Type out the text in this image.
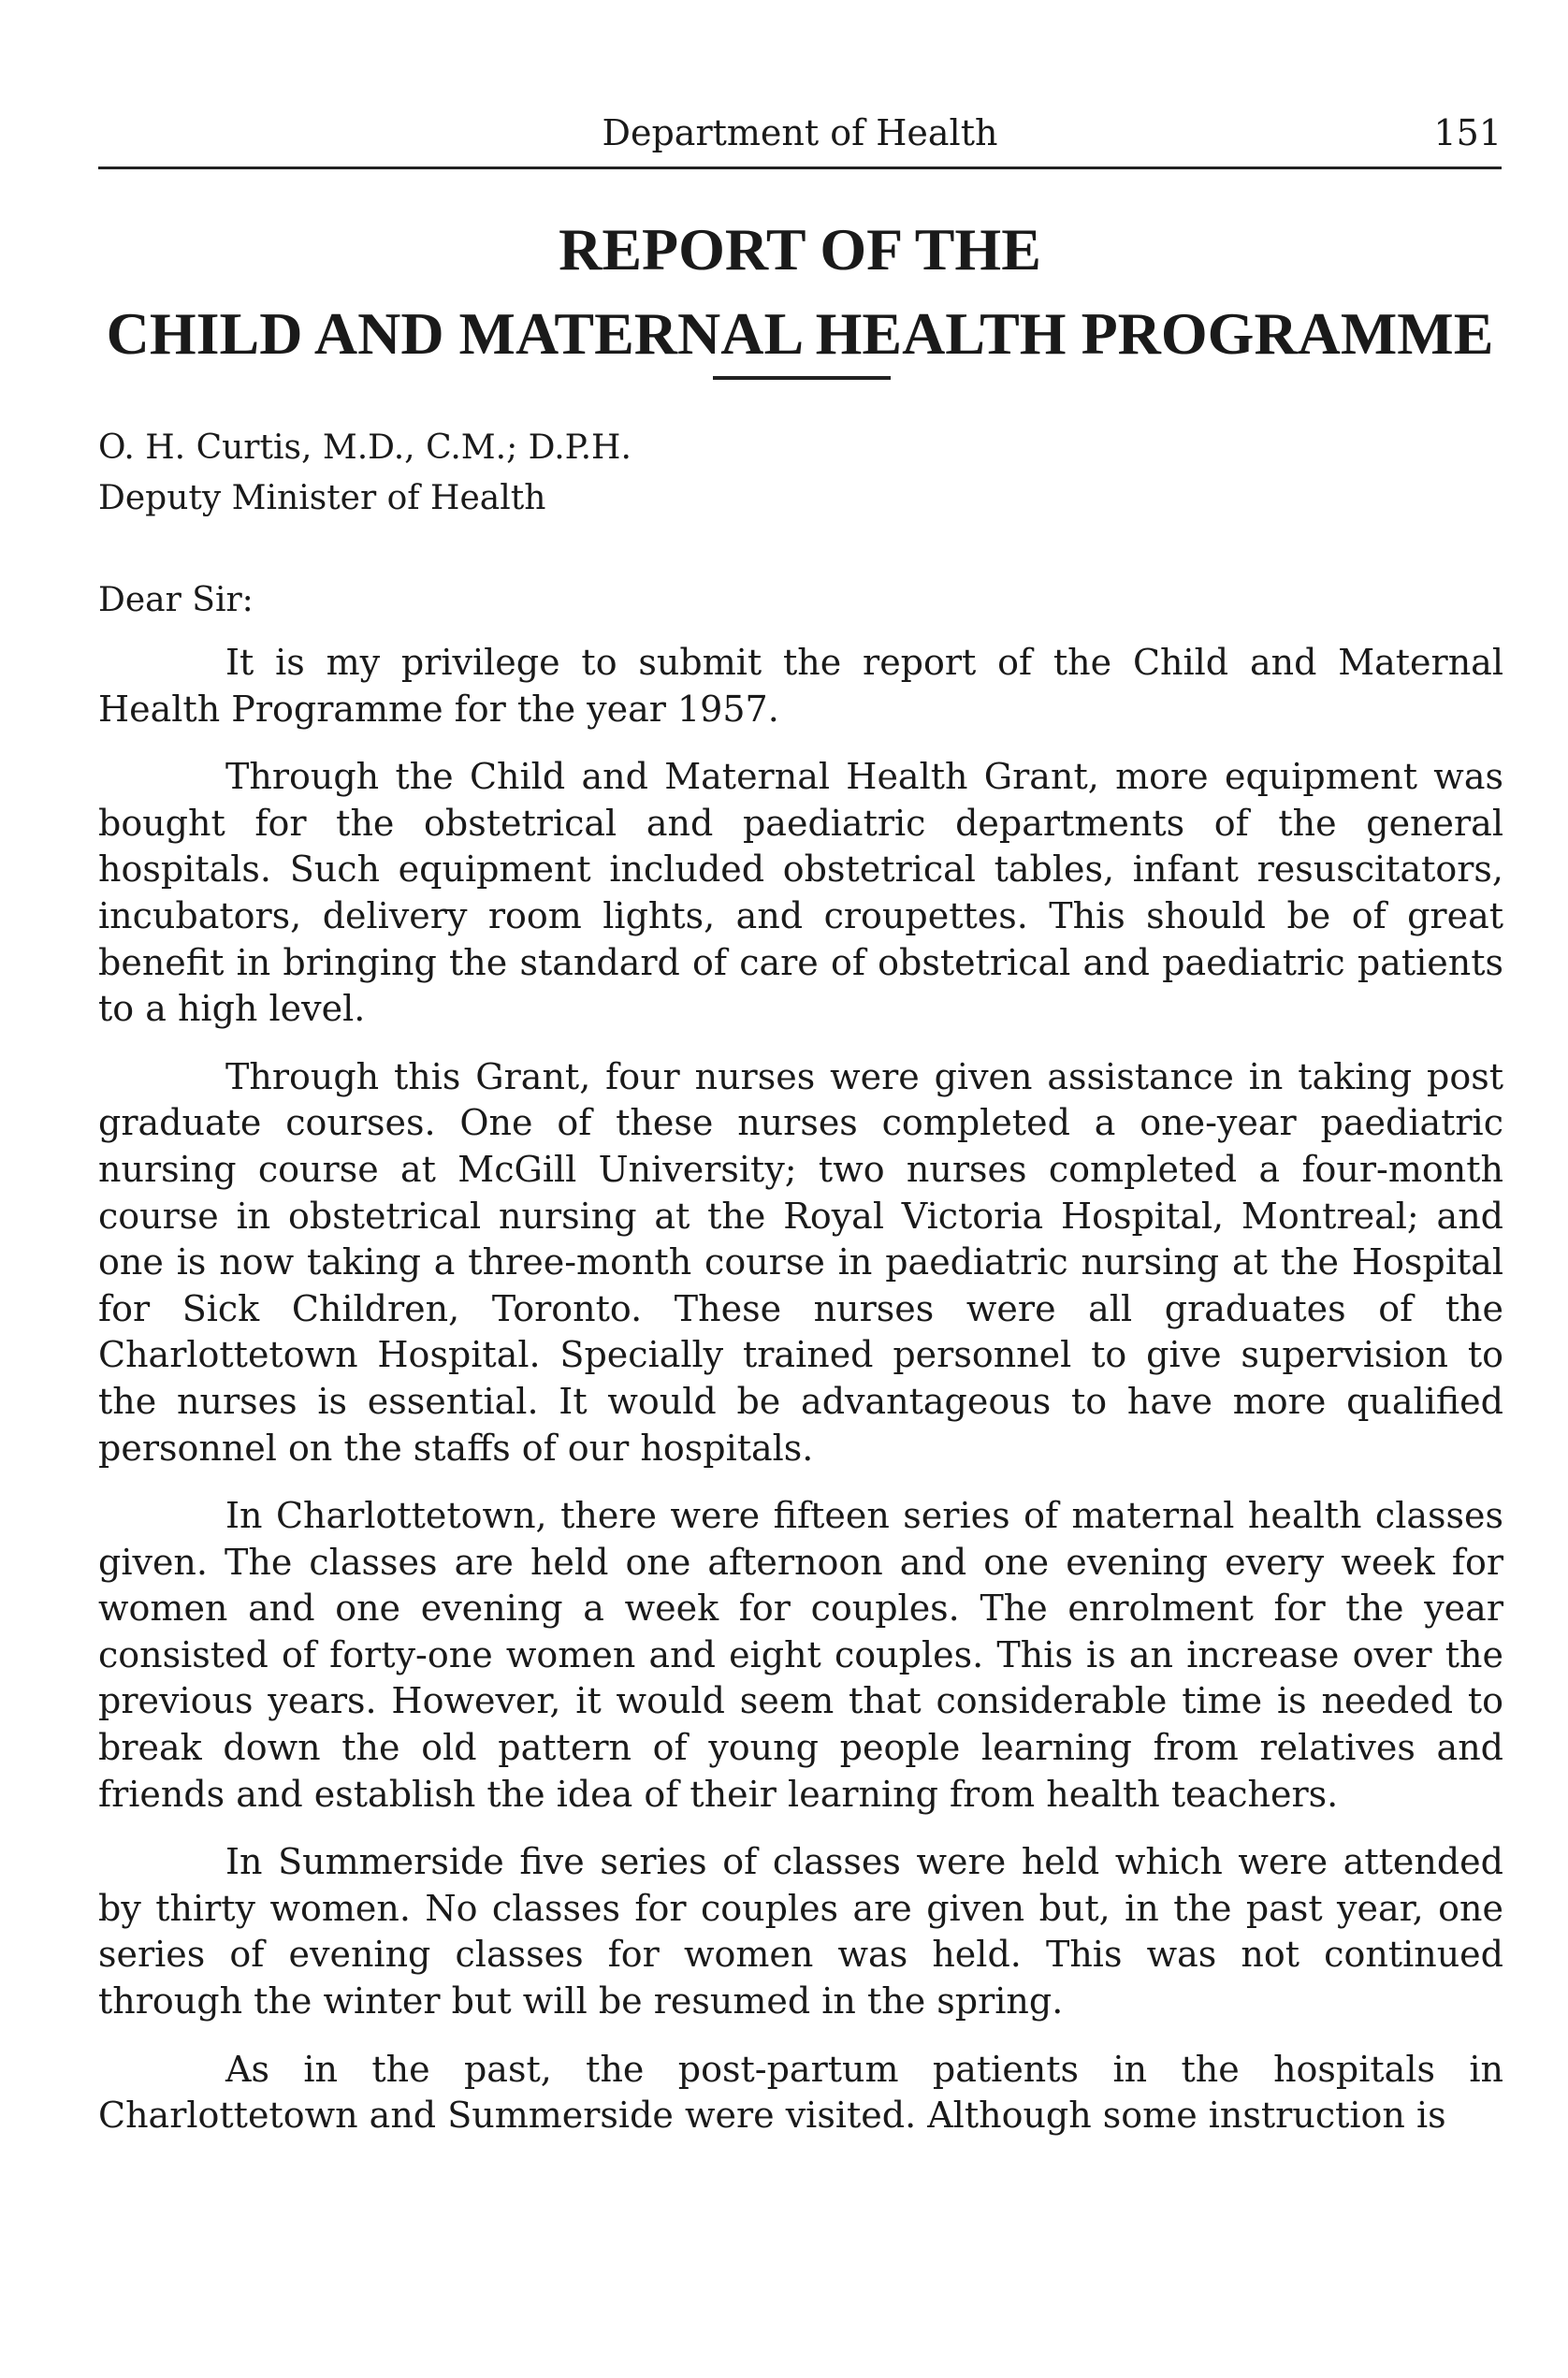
Department of Health	151
REPORT OF THE
CHILD AND MATERNAL HEALTH PROGRAMME
O. H. Curtis, M.D., C.M.; D.P.H.
Deputy Minister of Health
Dear Sir:

It is my privilege to submit the report of the Child and Maternal Health Programme for the year 1957.

Through the Child and Maternal Health Grant, more equipment was bought for the obstetrical and paediatric departments of the general hospitals. Such equipment included obstetrical tables, infant resuscitators, incubators, delivery room lights, and croupettes. This should be of great benefit in bringing the standard of care of obstetrical and paediatric patients to a high level.

Through this Grant, four nurses were given assistance in taking post graduate courses. One of these nurses completed a one-year paediatric nursing course at McGill University; two nurses completed a four-month course in obstetrical nursing at the Royal Victoria Hospital, Montreal; and one is now taking a three-month course in paediatric nursing at the Hospital for Sick Children, Toronto. These nurses were all graduates of the Charlottetown Hospital. Specially trained personnel to give supervision to the nurses is essential. It would be advantageous to have more qualified personnel on the staffs of our hospitals.

In Charlottetown, there were fifteen series of maternal health classes given. The classes are held one afternoon and one evening every week for women and one evening a week for couples. The enrolment for the year consisted of forty-one women and eight couples. This is an increase over the previous years. However, it would seem that considerable time is needed to break down the old pattern of young people learning from relatives and friends and establish the idea of their learning from health teachers.

In Summerside five series of classes were held which were attended by thirty women. No classes for couples are given but, in the past year, one series of evening classes for women was held. This was not continued through the winter but will be resumed in the spring.

As in the past, the post-partum patients in the hospitals in Charlottetown and Summerside were visited. Although some instruction is
